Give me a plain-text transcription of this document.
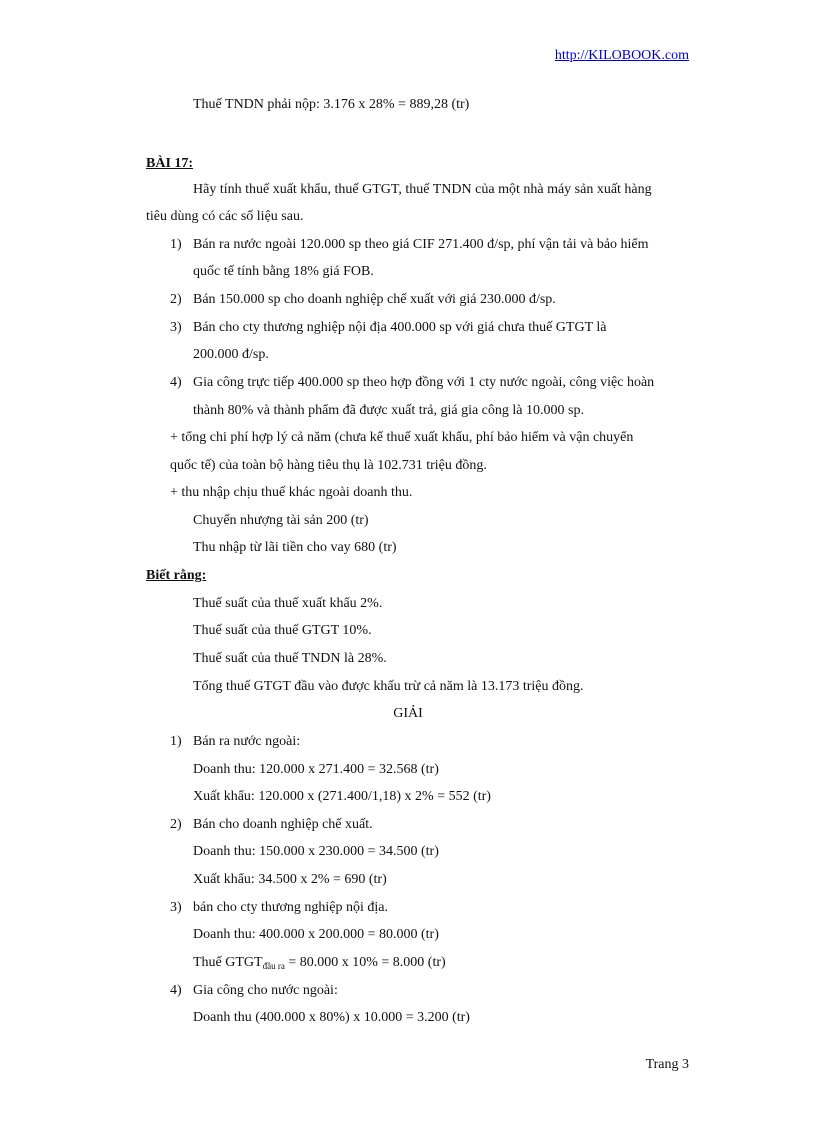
http://KILOBOOK.com
Thuế TNDN phải nộp: 3.176 x 28% = 889,28 (tr)
BÀI 17:
Hãy tính thuế xuất khẩu, thuế GTGT, thuế TNDN của một nhà máy sản xuất hàng
tiêu dùng có các số liệu sau.
1) Bán ra nước ngoài 120.000 sp theo giá CIF 271.400 đ/sp, phí vận tải và bảo hiểm
quốc tế tính bằng 18% giá FOB.
2) Bán 150.000 sp cho doanh nghiệp chế xuất với giá 230.000 đ/sp.
3) Bán cho cty thương nghiệp nội địa 400.000 sp với giá chưa thuế GTGT là
200.000 đ/sp.
4) Gia công trực tiếp 400.000 sp theo hợp đồng với 1 cty nước ngoài, công việc hoàn
thành 80% và thành phẩm đã được xuất trả, giá gia công là 10.000 sp.
+ tổng chi phí hợp lý cả năm (chưa kể thuế xuất khẩu, phí bảo hiểm và vận chuyển
quốc tế) của toàn bộ hàng tiêu thụ là 102.731 triệu đồng.
+ thu nhập chịu thuế khác ngoài doanh thu.
Chuyển nhượng tài sản 200 (tr)
Thu nhập từ lãi tiền cho vay 680 (tr)
Biết rằng:
Thuế suất của thuế xuất khẩu 2%.
Thuế suất của thuế GTGT 10%.
Thuế suất của thuế TNDN là 28%.
Tổng thuế GTGT đầu vào được khấu trừ cả năm là 13.173 triệu đồng.
GIẢI
1) Bán ra nước ngoài:
Doanh thu: 120.000 x 271.400 = 32.568 (tr)
Xuất khẩu: 120.000 x (271.400/1,18) x 2% = 552 (tr)
2) Bán cho doanh nghiệp chế xuất.
Doanh thu: 150.000 x 230.000 = 34.500 (tr)
Xuất khẩu: 34.500 x 2% = 690 (tr)
3) bán cho cty thương nghiệp nội địa.
Doanh thu: 400.000 x 200.000 = 80.000 (tr)
Thuế $GTGT_{đầu ra} = 80.000$ x 10% = 8.000 (tr)
4) Gia công cho nước ngoài:
Doanh thu (400.000 x 80%) x 10.000 = 3.200 (tr)
Trang 3
